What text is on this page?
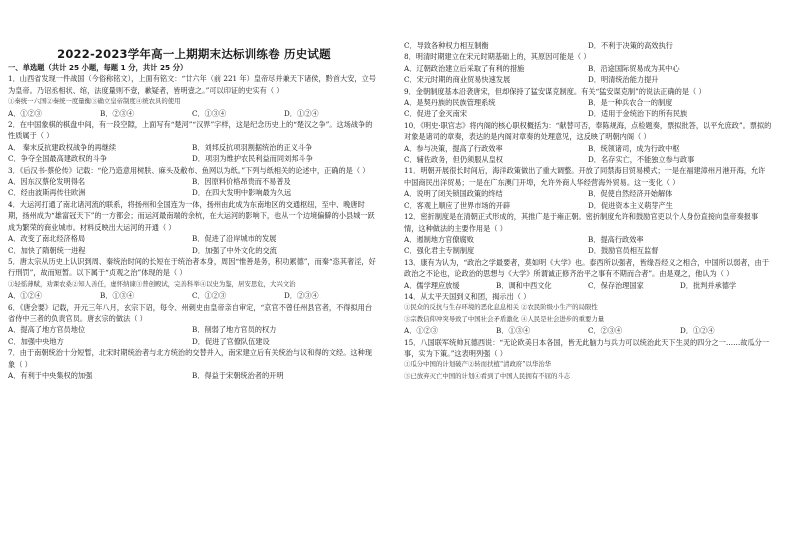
2022-2023学年高一上期期末达标训练卷 历史试题
一、单选题（共计 25 小题，每题 1 分，共计 25 分）
1．山西省发现一件战国（今俗称铭文），上面有铭文：“廿六年（前 221 年）皇帝尽并兼天下诸侯，黔首大安，立号为皇帝。乃诏丞相状、绾，法度量则不壹，歉疑者，皆明壹之。”可以印证的史实有（ ）
①秦统一六国②秦统一度量衡③确立皇帝制度④统农具的使用
A．①②③	B．②③④	C．①③④	D．①②④
2．在中国象棋的棋盘中间，有一段空隙，上面写有“楚河”“汉界”字样，这是纪念历史上的“楚汉之争”。这场战争的性质属于（ ）
A． 秦末反抗建政权战争的再继续	B．刘邦反抗项羽割据统治的正义斗争
C．争夺全国最高建政权的斗争	D．项羽为维护农民利益而同刘邦斗争
3．《后汉书·蔡伦传》记载：“伦乃造意用树肤、麻头及敝布、鱼网以为纸。”下列与纸相关的论述中，正确的是（ ）
A．因东汉蔡伦发明得名	B．因原料价格昂贵而不易普及
C．经由波斯再传往欧洲	D．在四大发明中影响最为久远
4．大运河打通了南北诸河流的联系，将扬州和全国连为一体，扬州由此成为东南地区的交通枢纽，至中、晚唐时期，扬州成为“雄富冠天下”的一方都会；而运河最南端的余杭，在大运河的影响下，也从一个边境偏僻的小县城一跃成为繁荣的商业城市。材料反映出大运河的开通（ ）
A．改变了南北经济格局	B．促进了沿岸城市的发展
C．加快了隋朝统一进程	D．加强了中外文化的交流
5．唐太宗从历史上认识到周、秦统治时间的长短在于统治者本身，周因“惟善是务，积功累德”，而秦“恣其奢淫，好行刑罚”，故而短暂。以下属于“贞观之治”体现的是（ ）
①轻徭薄赋，劝课农桑②知人善任，虚怀纳谏③普创殿试，完善科举④以史为鉴，居安思危，大兴文治
A．①②④	B．①③④	C．①②③	D．②③④
6．《唐会要》记载，开元三年八月，玄宗下诏，每令、州刺史由皇帝亲自审定，“京官不曾任州县官者，不得拟用台省侍中三者的负责官员。唐玄宗的做法（ ）
A．提高了地方官员地位	B．削弱了地方官员的权力
C．加强中央地方	D．促进了官僚队伍建设
7．由于南朝统治十分短暂，北宋时期统治者与北方统治的交替并入，南宋建立后有关统治与议和得的文经。这种现象（ ）
A．有利于中央集权的加强	B．得益于宋朝统治者的开明
C．导致各种权力相互制衡	D．不利于决策的高效执行
8．明清时期建立在宋元时期基础上的，其原因可能是（ ）
A．辽朝政治建立后采取了有利的措施	B．沿途国际贸易成为其中心
C．宋元时期的商业贸易快速发展	D．明清统治能力提升
9．金朝制度基本沿袭唐宋，但却保持了猛安谋克制度。有关“猛安谋克制”的说法正确的是（ ）
A．是契丹族的民族管理系统	B．是一种兵农合一的制度
C．促进了金灭南宋	D．适用于金统治下的所有民族
10．《明史·职官志》将内阁的核心职权概括为：“献替可否，奉陈规海，点检题奏，票拟批答，以平允庶政”。票拟的对象是诸司的章奏，表达的是内阁对章奏的处理意见，这反映了明朝内阁（ ）
A．参与决策，提高了行政效率	B．统领诸司，成为行政中枢
C．辅佐政务，但仍须服从皇权	D．名存实亡，不能独立参与政事
11．明朝开展很长时间后，海洋政策做出了重大调整。开放了同禁海目贸易模式；一是在福建漳州月港开海，允许中国商民出洋贸易；一是在广东澳门开埠，允许外商人华经营海外贸易。这一变化（ ）
A．说明了闭关锁国政策的终结	B．促使自然经济开始解体
C．客观上顺应了世界市场的开辟	D．促进资本主义萌芽产生
12．密折制度是在清朝正式形成的，其推广是于雍正朝。密折制度允许和鼓励官吏以个人身份直接向皇帝奏报事情，这种做法的主要作用是（ ）
A．遏制地方官僚腐败	B．提高行政效率
C．强化君主专制制度	D．鼓励官员相互监督
13．康有为认为，“政治之学最要者，莫如明《大学》也。泰西所以强者，皆缘吾经义之相合，中国所以弱者，由于政治之不论也，论政治的思想与《大学》所谓诚正修齐治平之事有不期而合者”。由是观之，他认为（ ）
A．儒学理应放缓	B．调和中西文化	C．保存治理国家	D．批判并承德学
14．从太平天国到义和团，揭示出（ ）
①民众的反抗与生存环境的恶化息息相关 ②农民阶级小生产的局限性
③宗教信仰冲突导致了中国社会矛盾激化 ④人民是社会进步的重要力量
A．①②③	B．①③④	C．②③④	D．①②④
15．八国联军统帅瓦德西说：“无论欧美日本各国，皆无此脑力与兵力可以统治此天下生灵的四分之一……故瓜分一事，实为下策。”这表明列强（ ）
①瓜分中国的计划破产②转而扶植“清政府”以华治华
③已放弃灭亡中国的计划④看到了中国人民拥有不屈的斗志
